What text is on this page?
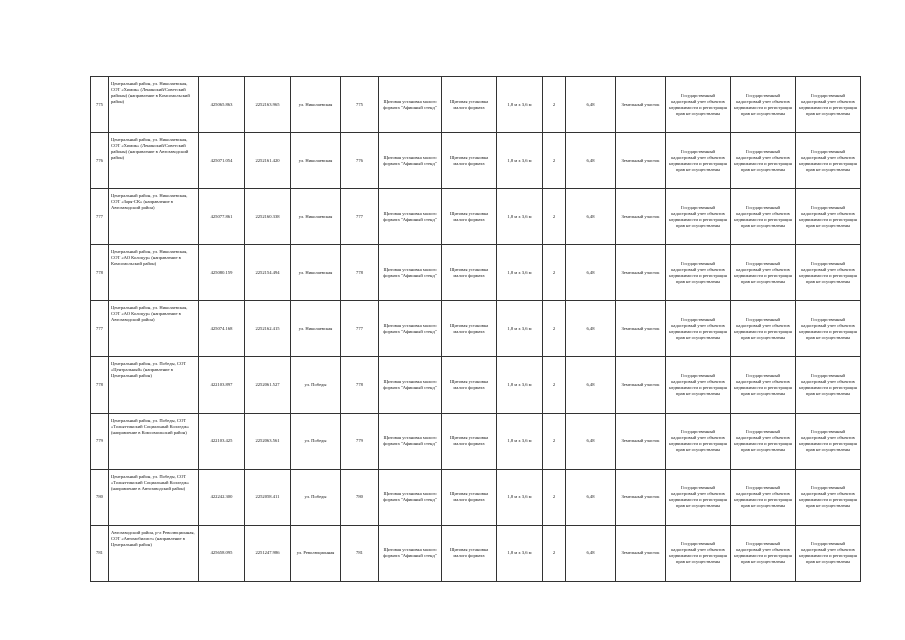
775	Центральный район, ул. Николаевская, СОТ «Химик» (Ленинский/Советский районы) (направление в Комсомольский район)	425065.863	2252163.965	ул. Николаевская	775	Щитовая установка малого формата "Афишный стенд"	Щитовая установка малого формата	1,8 м х 3,6 м	2	6,48	Земельный участок	Государственный кадастровый учет объектов недвижимости и регистрация прав не осуществлены	Государственный кадастровый учет объектов недвижимости и регистрация прав не осуществлены	Государственный кадастровый учет объектов недвижимости и регистрация прав не осуществлены
776	Центральный район, ул. Николаевская, СОТ «Химик» (Ленинский/Советский районы) (направление в Автозаводский район)	425071.054	2252161.420	ул. Николаевская	776	Щитовая установка малого формата "Афишный стенд"	Щитовая установка малого формата	1,8 м х 3,6 м	2	6,48	Земельный участок	Государственный кадастровый учет объектов недвижимости и регистрация прав не осуществлены	Государственный кадастровый учет объектов недвижимости и регистрация прав не осуществлены	Государственный кадастровый учет объектов недвижимости и регистрация прав не осуществлены
777	Центральный район, ул. Николаевская, СОТ «Заря-СК» (направление в Автозаводский район)	425077.861	2252160.338	ул. Николаевская	777	Щитовая установка малого формата "Афишный стенд"	Щитовая установка малого формата	1,8 м х 3,6 м	2	6,48	Земельный участок	Государственный кадастровый учет объектов недвижимости и регистрация прав не осуществлены	Государственный кадастровый учет объектов недвижимости и регистрация прав не осуществлены	Государственный кадастровый учет объектов недвижимости и регистрация прав не осуществлены
778	Центральный район, ул. Николаевская, СОТ «АО Колоцур» (направление в Комсомольский район)	425080.159	2252154.494	ул. Николаевская	778	Щитовая установка малого формата "Афишный стенд"	Щитовая установка малого формата	1,8 м х 3,6 м	2	6,48	Земельный участок	Государственный кадастровый учет объектов недвижимости и регистрация прав не осуществлены	Государственный кадастровый учет объектов недвижимости и регистрация прав не осуществлены	Государственный кадастровый учет объектов недвижимости и регистрация прав не осуществлены
777	Центральный район, ул. Николаевская, СОТ «АО Колоцур» (направление в Автозаводский район)	425074.168	2252162.415	ул. Николаевская	777	Щитовая установка малого формата "Афишный стенд"	Щитовая установка малого формата	1,8 м х 3,6 м	2	6,48	Земельный участок	Государственный кадастровый учет объектов недвижимости и регистрация прав не осуществлены	Государственный кадастровый учет объектов недвижимости и регистрация прав не осуществлены	Государственный кадастровый учет объектов недвижимости и регистрация прав не осуществлены
778	Центральный район, ул. Победы, СОТ «Центральный» (направление в Центральный район)	422103.897	2252061.527	ул. Победы	778	Щитовая установка малого формата "Афишный стенд"	Щитовая установка малого формата	1,8 м х 3,6 м	2	6,48	Земельный участок	Государственный кадастровый учет объектов недвижимости и регистрация прав не осуществлены	Государственный кадастровый учет объектов недвижимости и регистрация прав не осуществлены	Государственный кадастровый учет объектов недвижимости и регистрация прав не осуществлены
779	Центральный район, ул. Победы, СОТ «Тольяттинский Социальный Колледж» (направление в Комсомольский район)	422103.425	2252063.561	ул. Победы	779	Щитовая установка малого формата "Афишный стенд"	Щитовая установка малого формата	1,8 м х 3,6 м	2	6,48	Земельный участок	Государственный кадастровый учет объектов недвижимости и регистрация прав не осуществлены	Государственный кадастровый учет объектов недвижимости и регистрация прав не осуществлены	Государственный кадастровый учет объектов недвижимости и регистрация прав не осуществлены
780	Центральный район, ул. Победы, СОТ «Тольяттинский Социальный Колледж» (направление в Автозаводский район)	422242.300	2252058.411	ул. Победы	780	Щитовая установка малого формата "Афишный стенд"	Щитовая установка малого формата	1,8 м х 3,6 м	2	6,48	Земельный участок	Государственный кадастровый учет объектов недвижимости и регистрация прав не осуществлены	Государственный кадастровый учет объектов недвижимости и регистрация прав не осуществлены	Государственный кадастровый учет объектов недвижимости и регистрация прав не осуществлены
781	Автозаводский район, р-л Революционная, СОТ «Автомобилист» (направление в Центральный район)	425658.095	2251247.986	ул. Революционная	781	Щитовая установка малого формата "Афишный стенд"	Щитовая установка малого формата	1,8 м х 3,6 м	2	6,48	Земельный участок	Государственный кадастровый учет объектов недвижимости и регистрация прав не осуществлены	Государственный кадастровый учет объектов недвижимости и регистрация прав не осуществлены	Государственный кадастровый учет объектов недвижимости и регистрация прав не осуществлены
